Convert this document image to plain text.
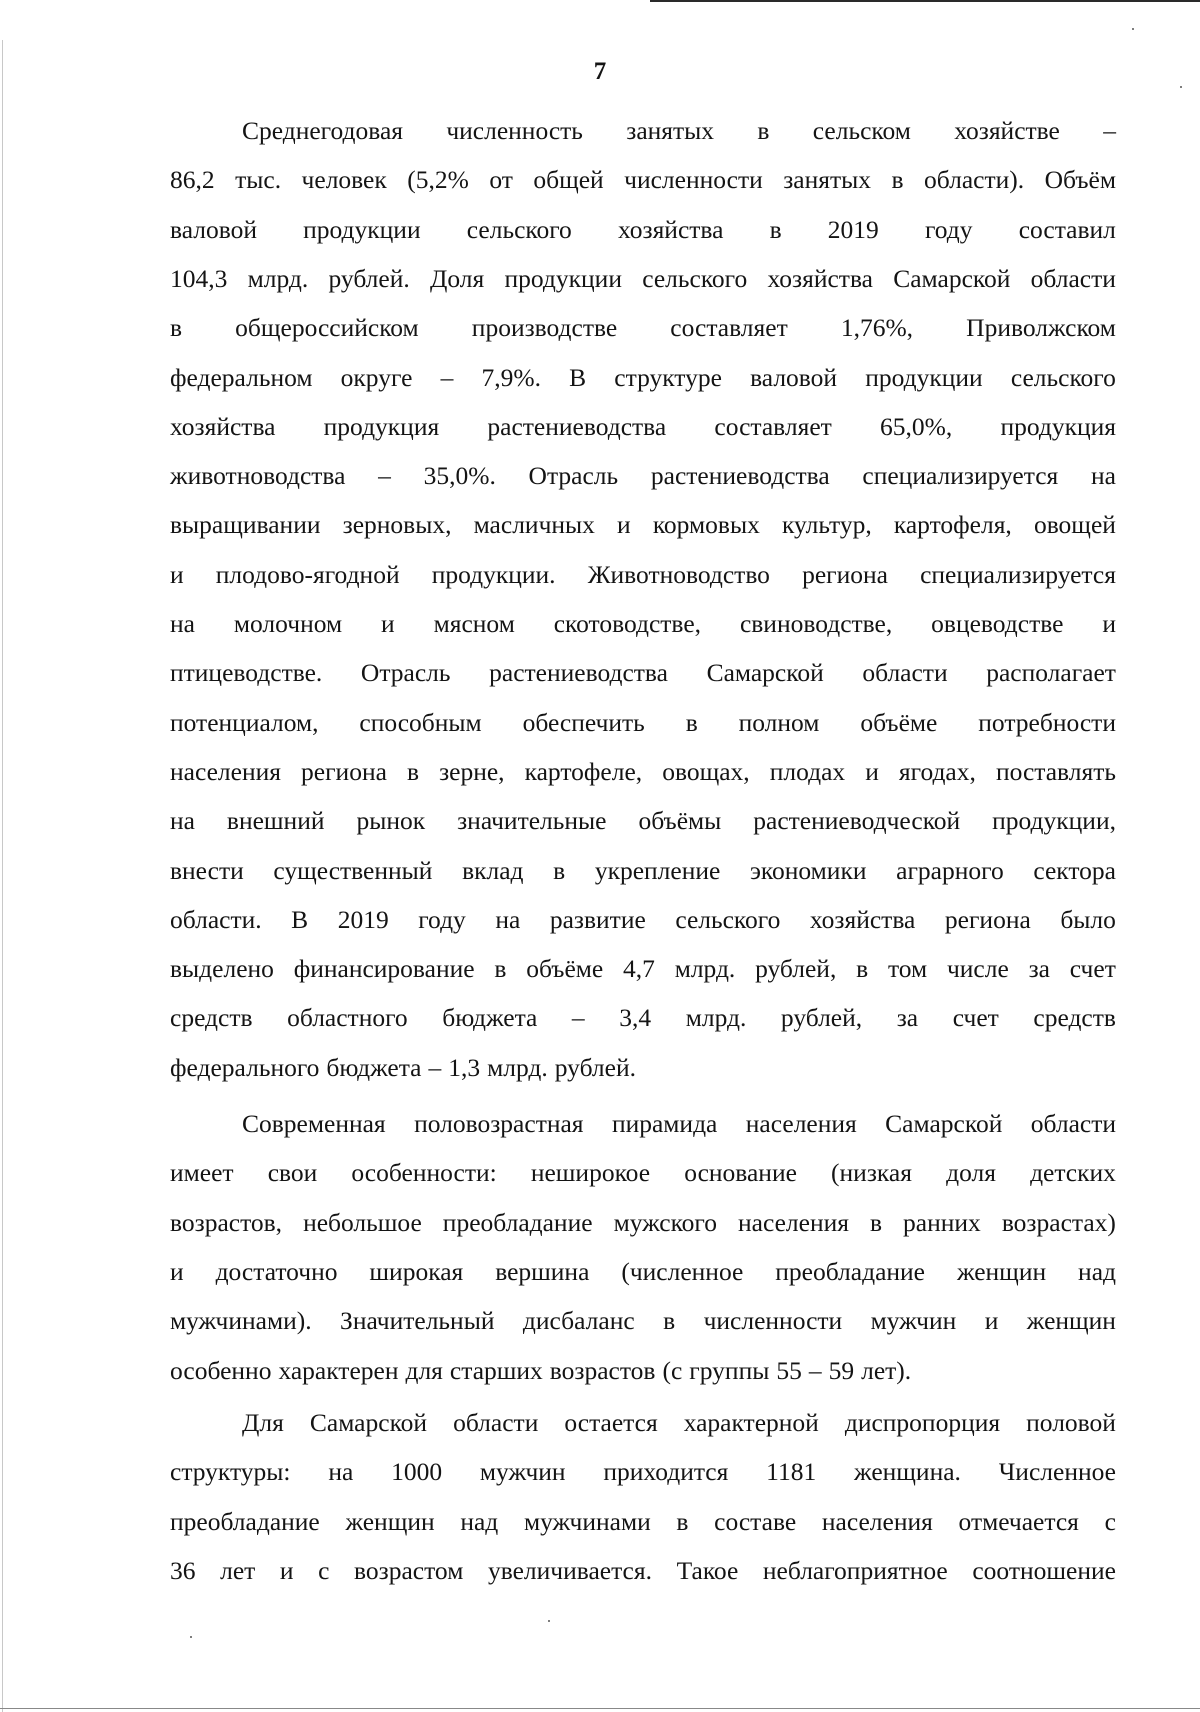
7
Среднегодовая численность занятых в сельском хозяйстве –
86,2 тыс. человек (5,2% от общей численности занятых в области). Объём
валовой продукции сельского хозяйства в 2019 году составил
104,3 млрд. рублей. Доля продукции сельского хозяйства Самарской области
в общероссийском производстве составляет 1,76%, Приволжском
федеральном округе – 7,9%. В структуре валовой продукции сельского
хозяйства продукция растениеводства составляет 65,0%, продукция
животноводства – 35,0%. Отрасль растениеводства специализируется на
выращивании зерновых, масличных и кормовых культур, картофеля, овощей
и плодово-ягодной продукции. Животноводство региона специализируется
на молочном и мясном скотоводстве, свиноводстве, овцеводстве и
птицеводстве. Отрасль растениеводства Самарской области располагает
потенциалом, способным обеспечить в полном объёме потребности
населения региона в зерне, картофеле, овощах, плодах и ягодах, поставлять
на внешний рынок значительные объёмы растениеводческой продукции,
внести существенный вклад в укрепление экономики аграрного сектора
области. В 2019 году на развитие сельского хозяйства региона было
выделено финансирование в объёме 4,7 млрд. рублей, в том числе за счет
средств областного бюджета – 3,4 млрд. рублей, за счет средств
федерального бюджета – 1,3 млрд. рублей.
Современная половозрастная пирамида населения Самарской области
имеет свои особенности: неширокое основание (низкая доля детских
возрастов, небольшое преобладание мужского населения в ранних возрастах)
и достаточно широкая вершина (численное преобладание женщин над
мужчинами). Значительный дисбаланс в численности мужчин и женщин
особенно характерен для старших возрастов (с группы 55 – 59 лет).
Для Самарской области остается характерной диспропорция половой
структуры: на 1000 мужчин приходится 1181 женщина. Численное
преобладание женщин над мужчинами в составе населения отмечается с
36 лет и с возрастом увеличивается. Такое неблагоприятное соотношение
